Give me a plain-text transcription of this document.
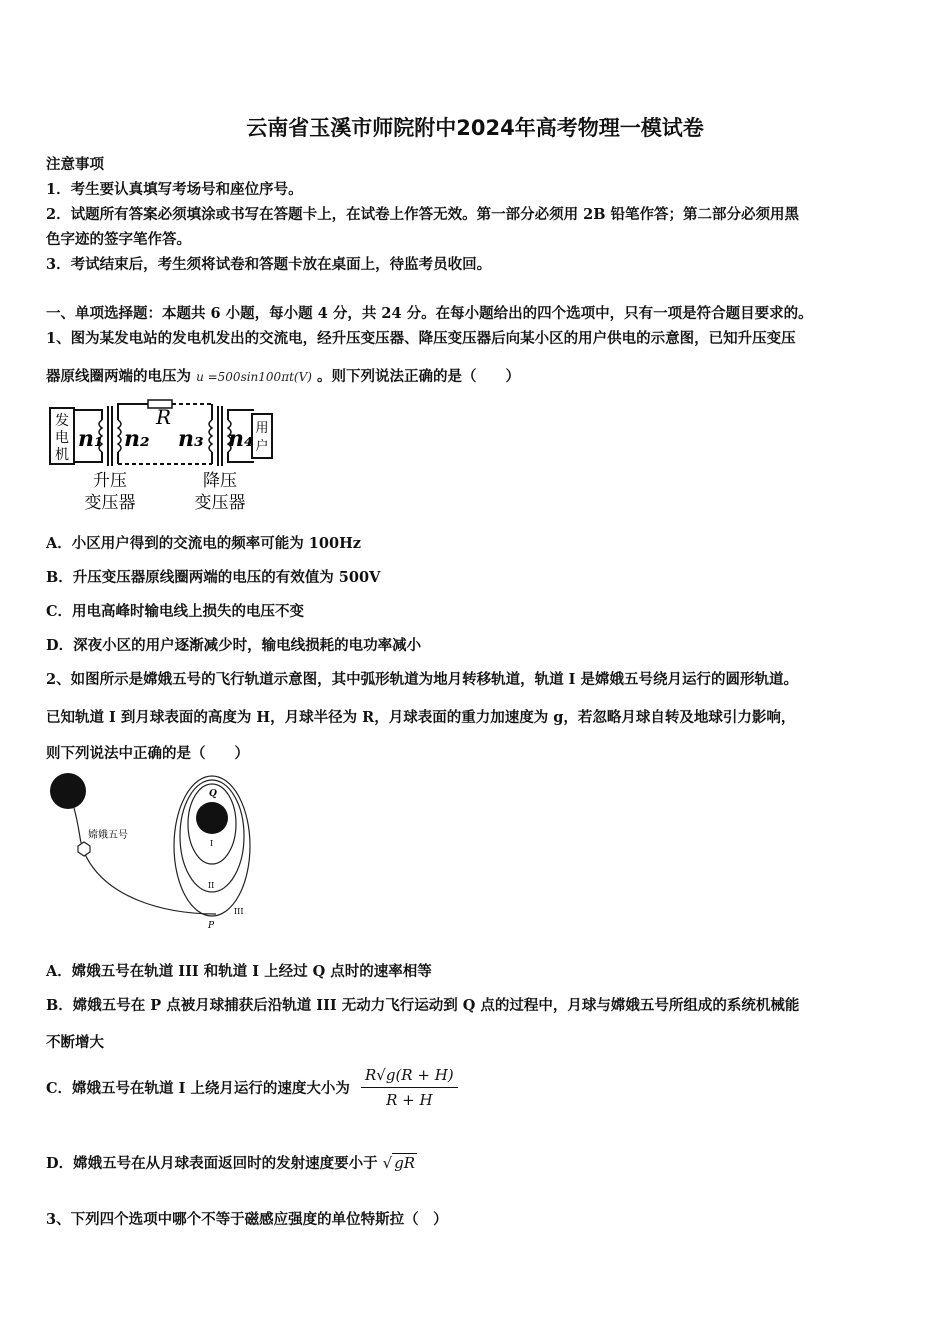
云南省玉溪市师院附中2024年高考物理一模试卷
注意事项
1．考生要认真填写考场号和座位序号。
2．试题所有答案必须填涂或书写在答题卡上，在试卷上作答无效。第一部分必须用 2B 铅笔作答；第二部分必须用黑
色字迹的签字笔作答。
3．考试结束后，考生须将试卷和答题卡放在桌面上，待监考员收回。
一、单项选择题：本题共 6 小题，每小题 4 分，共 24 分。在每小题给出的四个选项中，只有一项是符合题目要求的。
1、图为某发电站的发电机发出的交流电，经升压变压器、降压变压器后向某小区的用户供电的示意图，已知升压变压
器原线圈两端的电压为 u =500sin100πt(V) 。则下列说法正确的是（　　）
发
电
机
n₁ n₂
R
n₃ n₄ 用
户
升压
变压器
降压
变压器
A．小区用户得到的交流电的频率可能为 100Hz
B．升压变压器原线圈两端的电压的有效值为 500V
C．用电高峰时输电线上损失的电压不变
D．深夜小区的用户逐渐减少时，输电线损耗的电功率减小
2、如图所示是嫦娥五号的飞行轨道示意图，其中弧形轨道为地月转移轨道，轨道 I 是嫦娥五号绕月运行的圆形轨道。
已知轨道 I 到月球表面的高度为 H，月球半径为 R，月球表面的重力加速度为 g，若忽略月球自转及地球引力影响，
则下列说法中正确的是（　　）
嫦娥五号
Q
I
II
III
P
A．嫦娥五号在轨道 III 和轨道 I 上经过 Q 点时的速率相等
B．嫦娥五号在 P 点被月球捕获后沿轨道 III 无动力飞行运动到 Q 点的过程中，月球与嫦娥五号所组成的系统机械能
不断增大
C．嫦娥五号在轨道 I 上绕月运行的速度大小为 $\frac{R√g(R + H)}{R + H}$
D．嫦娥五号在从月球表面返回时的发射速度要小于 √ gR
3、下列四个选项中哪个不等于磁感应强度的单位特斯拉（　）
